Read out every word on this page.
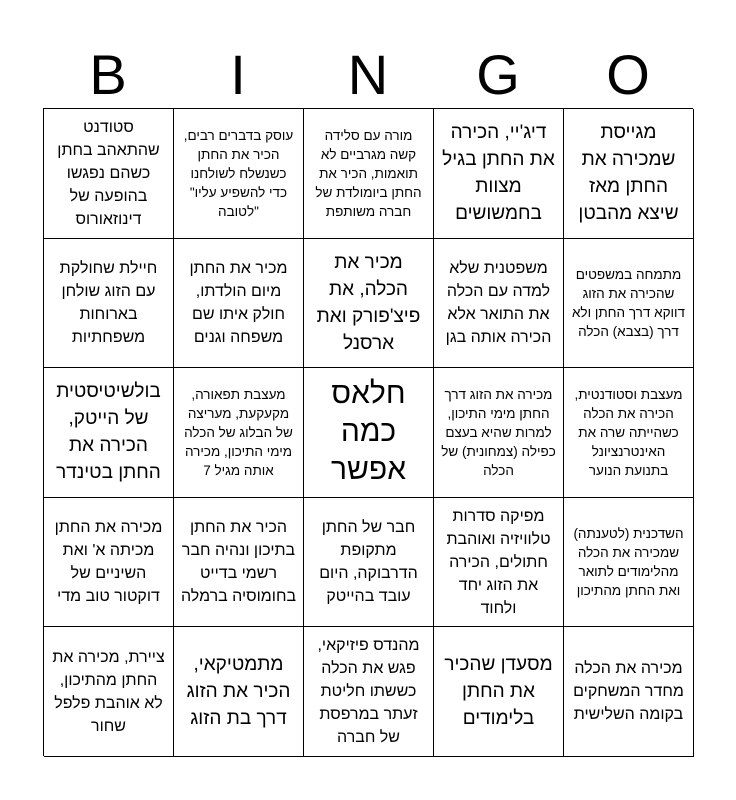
B	I	N	G	O
סטודנט שהתאהב בחתן כשהם נפגשו בהופעה של דינוזאורוס
עוסק בדברים רבים, הכיר את החתן כשנשלח לשולחנו כדי להשפיע עליו" "לטובה
מורה עם סלידה קשה מגרביים לא תואמות, הכיר את החתן ביומולדת של חברה משותפת
דיג'יי, הכירה את החתן בגיל מצוות בחמשושים
מגייסת שמכירה את החתן מאז שיצא מהבטן
חיילת שחולקת עם הזוג שולחן בארוחות משפחתיות
מכיר את החתן מיום הולדתו, חולק איתו שם משפחה וגנים
מכיר את הכלה, את פיצ'פורק ואת ארסנל
משפטנית שלא למדה עם הכלה את התואר אלא הכירה אותה בגן
מתמחה במשפטים שהכירה את הזוג דווקא דרך החתן ולא דרך (בצבא) הכלה
בולשיטיסטית של הייטק, הכירה את החתן בטינדר
מעצבת תפאורה, מקעקעת, מעריצה של הבלוג של הכלה מימי התיכון, מכירה אותה מגיל 7
חלאס כמה אפשר
מכירה את הזוג דרך החתן מימי התיכון, למרות שהיא בעצם כפילה (צמחונית) של הכלה
מעצבת וסטודנטית, הכירה את הכלה כשהייתה שרה את האינטרנציונל בתנועת הנוער
מכירה את החתן מכיתה א' ואת השיניים של דוקטור טוב מדי
הכיר את החתן בתיכון ונהיה חבר רשמי בדייט בחומוסיה ברמלה
חבר של החתן מתקופת הדרבוקה, היום עובד בהייטק
מפיקה סדרות טלוויזיה ואוהבת חתולים, הכירה את הזוג יחד ולחוד
השדכנית (לטענתה) שמכירה את הכלה מהלימודים לתואר ואת החתן מהתיכון
ציירת, מכירה את החתן מהתיכון, לא אוהבת פלפל שחור
מתמטיקאי, הכיר את הזוג דרך בת הזוג
מהנדס פיזיקאי, פגש את הכלה כששתו חליטת זעתר במרפסת של חברה
מסעדן שהכיר את החתן בלימודים
מכירה את הכלה מחדר המשחקים בקומה השלישית
